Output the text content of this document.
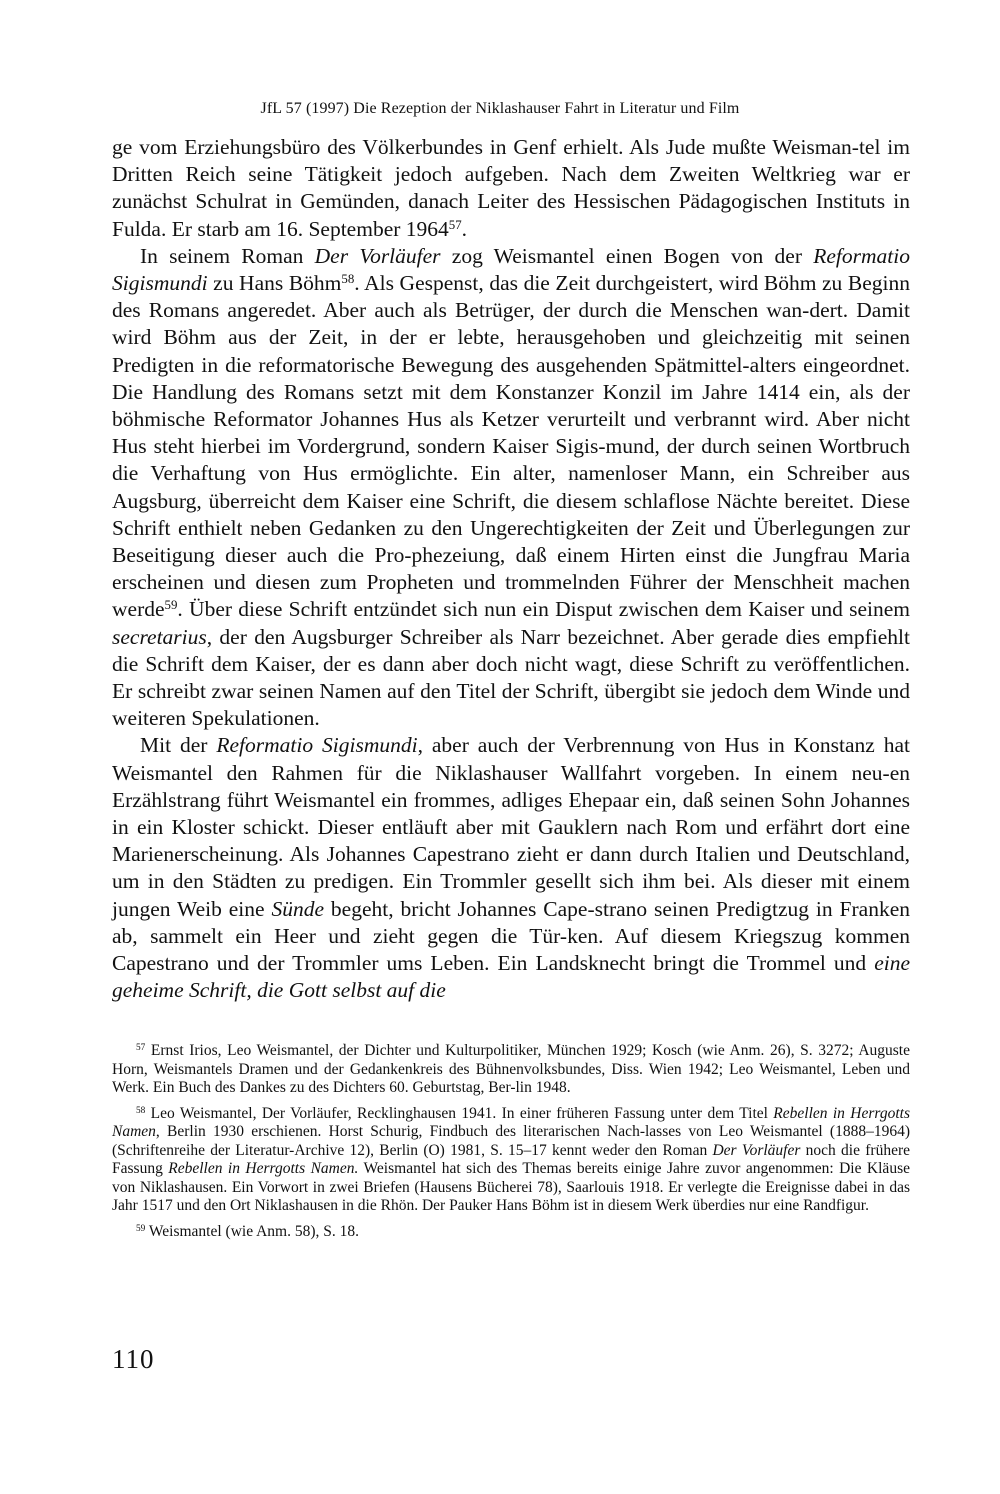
JfL 57 (1997) Die Rezeption der Niklashauser Fahrt in Literatur und Film

ge vom Erziehungsbüro des Völkerbundes in Genf erhielt. Als Jude mußte Weisman-tel im Dritten Reich seine Tätigkeit jedoch aufgeben. Nach dem Zweiten Weltkrieg war er zunächst Schulrat in Gemünden, danach Leiter des Hessischen Pädagogischen Instituts in Fulda. Er starb am 16. September 1964$^{57}$.

In seinem Roman Der Vorläufer zog Weismantel einen Bogen von der Reformatio Sigismundi zu Hans Böhm$^{58}$. Als Gespenst, das die Zeit durchgeistert, wird Böhm zu Beginn des Romans angeredet. Aber auch als Betrüger, der durch die Menschen wan-dert. Damit wird Böhm aus der Zeit, in der er lebte, herausgehoben und gleichzeitig mit seinen Predigten in die reformatorische Bewegung des ausgehenden Spätmittel-alters eingeordnet. Die Handlung des Romans setzt mit dem Konstanzer Konzil im Jahre 1414 ein, als der böhmische Reformator Johannes Hus als Ketzer verurteilt und verbrannt wird. Aber nicht Hus steht hierbei im Vordergrund, sondern Kaiser Sigis-mund, der durch seinen Wortbruch die Verhaftung von Hus ermöglichte. Ein alter, namenloser Mann, ein Schreiber aus Augsburg, überreicht dem Kaiser eine Schrift, die diesem schlaflose Nächte bereitet. Diese Schrift enthielt neben Gedanken zu den Ungerechtigkeiten der Zeit und Überlegungen zur Beseitigung dieser auch die Pro-phezeiung, daß einem Hirten einst die Jungfrau Maria erscheinen und diesen zum Propheten und trommelnden Führer der Menschheit machen werde$^{59}$. Über diese Schrift entzündet sich nun ein Disput zwischen dem Kaiser und seinem secretarius, der den Augsburger Schreiber als Narr bezeichnet. Aber gerade dies empfiehlt die Schrift dem Kaiser, der es dann aber doch nicht wagt, diese Schrift zu veröffentlichen. Er schreibt zwar seinen Namen auf den Titel der Schrift, übergibt sie jedoch dem Winde und weiteren Spekulationen.

Mit der Reformatio Sigismundi, aber auch der Verbrennung von Hus in Konstanz hat Weismantel den Rahmen für die Niklashauser Wallfahrt vorgeben. In einem neu-en Erzählstrang führt Weismantel ein frommes, adliges Ehepaar ein, daß seinen Sohn Johannes in ein Kloster schickt. Dieser entläuft aber mit Gauklern nach Rom und erfährt dort eine Marienerscheinung. Als Johannes Capestrano zieht er dann durch Italien und Deutschland, um in den Städten zu predigen. Ein Trommler gesellt sich ihm bei. Als dieser mit einem jungen Weib eine Sünde begeht, bricht Johannes Cape-strano seinen Predigtzug in Franken ab, sammelt ein Heer und zieht gegen die Tür-ken. Auf diesem Kriegszug kommen Capestrano und der Trommler ums Leben. Ein Landsknecht bringt die Trommel und eine geheime Schrift, die Gott selbst auf die

$^{57}$ Ernst Irios, Leo Weismantel, der Dichter und Kulturpolitiker, München 1929; Kosch (wie Anm. 26), S. 3272; Auguste Horn, Weismantels Dramen und der Gedankenkreis des Bühnenvolksbundes, Diss. Wien 1942; Leo Weismantel, Leben und Werk. Ein Buch des Dankes zu des Dichters 60. Geburtstag, Ber-lin 1948.

$^{58}$ Leo Weismantel, Der Vorläufer, Recklinghausen 1941. In einer früheren Fassung unter dem Titel Rebellen in Herrgotts Namen, Berlin 1930 erschienen. Horst Schurig, Findbuch des literarischen Nach-lasses von Leo Weismantel (1888–1964) (Schriftenreihe der Literatur-Archive 12), Berlin (O) 1981, S. 15–17 kennt weder den Roman Der Vorläufer noch die frühere Fassung Rebellen in Herrgotts Namen. Weismantel hat sich des Themas bereits einige Jahre zuvor angenommen: Die Kläuse von Niklashausen. Ein Vorwort in zwei Briefen (Hausens Bücherei 78), Saarlouis 1918. Er verlegte die Ereignisse dabei in das Jahr 1517 und den Ort Niklashausen in die Rhön. Der Pauker Hans Böhm ist in diesem Werk überdies nur eine Randfigur.

$^{59}$ Weismantel (wie Anm. 58), S. 18.

110
